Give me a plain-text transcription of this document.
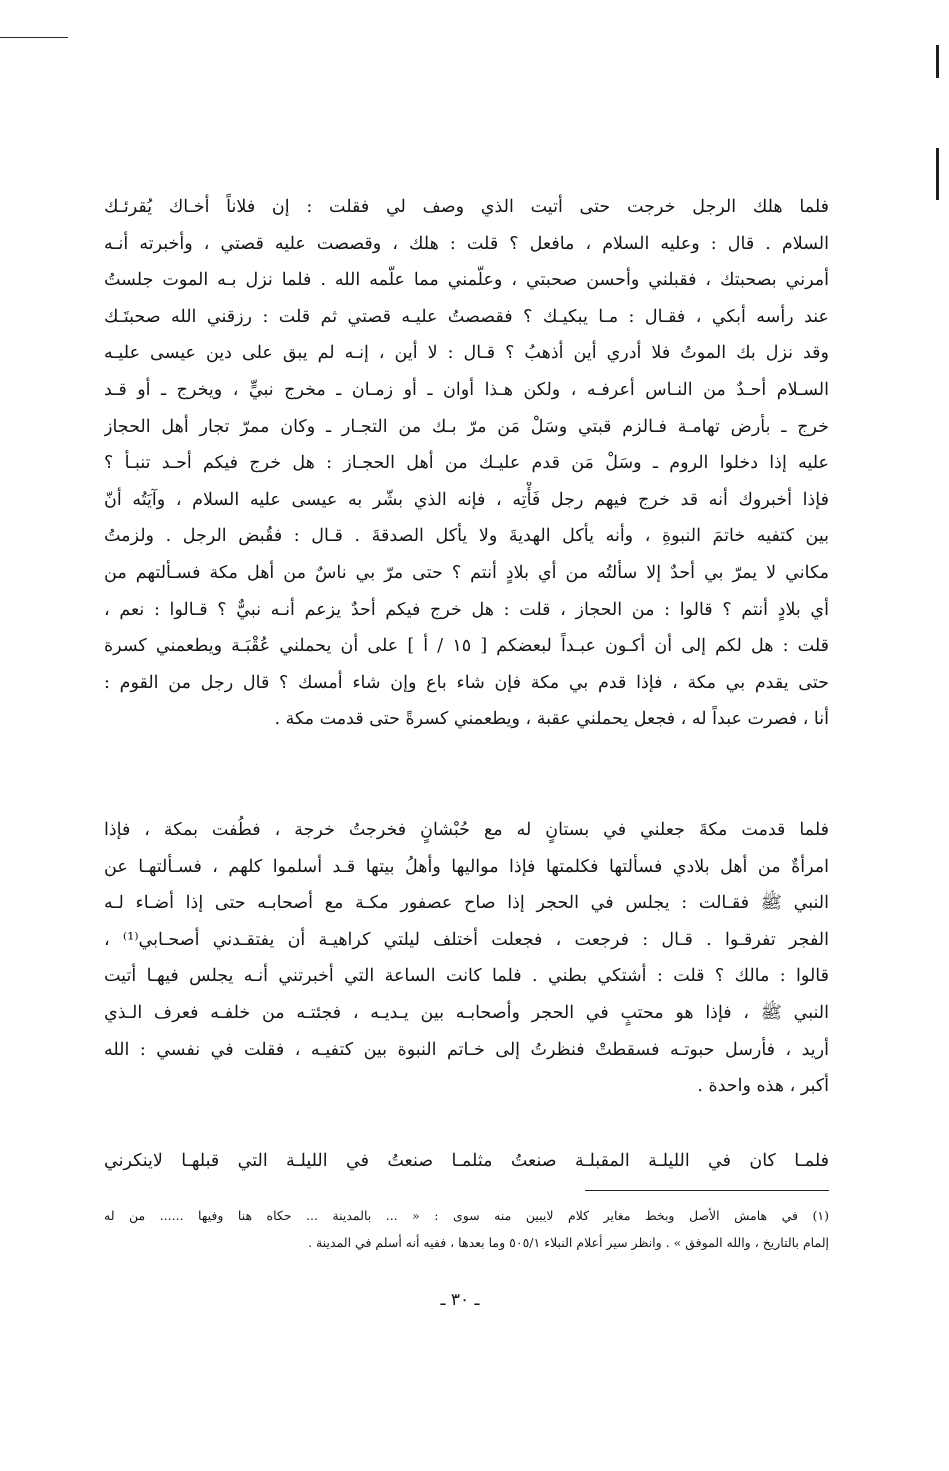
فلما هلك الرجل خرجت حتى أتيت الذي وصف لي فقلت : إن فلاناً أخـاك يُقرئـك
السلام . قال : وعليه السلام ، مافعل ؟ قلت : هلك ، وقصصت عليه قصتي ، وأخبرته أنـه
أمرني بصحبتك ، فقبلني وأحسن صحبتي ، وعلّمني مما علّمه الله . فلما نزل بـه الموت جلستُ
عند رأسه أبكي ، فقـال : مـا يبكيـك ؟ فقصصتُ عليـه قصتي ثم قلت : رزقني الله صحبتَـك
وقد نزل بك الموتُ فلا أدري أين أذهبُ ؟ قـال : لا أين ، إنـه لم يبق على دين عيسى عليـه
السـلام أحـدٌ من النـاس أعرفـه ، ولكن هـذا أوان ـ أو زمـان ـ مخرج نبيٍّ ، ويخرج ـ أو قـد
خرج ـ بأرض تهامـة فـالزم قبتي وسَلْ مَن مرّ بـك من التجـار ـ وكان ممرّ تجار أهل الحجاز
عليه إذا دخلوا الروم ـ وسَلْ مَن قدم عليـك من أهل الحجـاز : هل خرج فيكم أحـد تنبـأ ؟
فإذا أخبروك أنه قد خرج فيهم رجل فَأْتِه ، فإنه الذي بشّر به عيسى عليه السلام ، وآيَتُه أنّ
بين كتفيه خاتمَ النبوةِ ، وأنه يأكل الهديةَ ولا يأكل الصدقةَ . قـال : فقُبض الرجل . ولزمتُ
مكاني لا يمرّ بي أحدٌ إلا سألتُه من أي بلادٍ أنتم ؟ حتى مرّ بي ناسٌ من أهل مكة فسـألتهم من
أي بلادٍ أنتم ؟ قالوا : من الحجاز ، قلت : هل خرج فيكم أحدٌ يزعم أنـه نبيٌّ ؟ قـالوا : نعم ،
قلت : هل لكم إلى أن أكـون عبـداً لبعضكم [ ١٥ / أ ] على أن يحملني عُقْبَـة ويطعمني كسرة
حتى يقدم بي مكة ، فإذا قدم بي مكة فإن شاء باع وإن شاء أمسك ؟ قال رجل من القوم :
أنا ، فصرت عبداً له ، فجعل يحملني عقبة ، ويطعمني كسرةً حتى قدمت مكة .
فلما قدمت مكةَ جعلني في بستانٍ له مع حُبْشانٍ فخرجتُ خرجة ، فطُفت بمكة ، فإذا
امرأةٌ من أهل بلادي فسألتها فكلمتها فإذا مواليها وأهلُ بيتها قـد أسلموا كلهم ، فسـألتهـا عن
النبي ﷺ فقـالت : يجلس في الحجر إذا صاح عصفور مكـة مع أصحابـه حتى إذا أضـاء لـه
الفجر تفرقـوا . قـال : فرجعت ، فجعلت أختلف ليلتي كراهيـة أن يفتقـدني أصحـابي⁽¹⁾ ،
قالوا : مالك ؟ قلت : أشتكي بطني . فلما كانت الساعة التي أخبرتني أنـه يجلس فيهـا أتيت
النبي ﷺ ، فإذا هو محتبٍ في الحجر وأصحابـه بين يـديـه ، فجئتـه من خلفـه فعرف الـذي
أريد ، فأرسل حبوتـه فسقطتْ فنظرتُ إلى خـاتم النبوة بين كتفيـه ، فقلت في نفسي : الله
أكبر ، هذه واحدة .
فلمـا كان في الليلـة المقبلـة صنعتُ مثلمـا صنعتُ في الليلـة التي قبلهـا لاينكرني
(١) في هامش الأصل وبخط مغاير كلام لايبين منه سوى : « ... بالمدينة ... حكاه هنا وفيها ...... من له
إلمام بالتاريخ ، والله الموفق » . وانظر سير أعلام النبلاء ٥٠٥/١ وما بعدها ، ففيه أنه أسلم في المدينة .
ـ ٣٠ ـ
